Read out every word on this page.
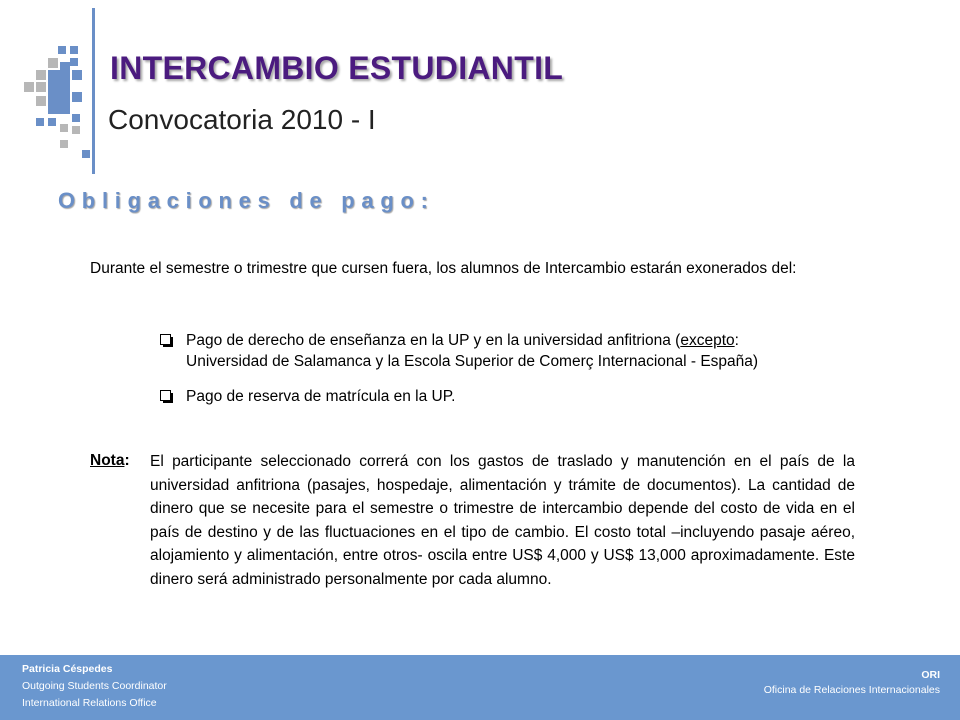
INTERCAMBIO ESTUDIANTIL
Convocatoria 2010 - I
Obligaciones de pago:

Durante el semestre o trimestre que cursen fuera, los alumnos de Intercambio estarán exonerados del:

Pago de derecho de enseñanza en la UP y en la universidad anfitriona (excepto: Universidad de Salamanca y la Escola Superior de Comerç Internacional - España)
Pago de reserva de matrícula en la UP.

Nota: El participante seleccionado correrá con los gastos de traslado y manutención en el país de la universidad anfitriona (pasajes, hospedaje, alimentación y trámite de documentos). La cantidad de dinero que se necesite para el semestre o trimestre de intercambio depende del costo de vida en el país de destino y de las fluctuaciones en el tipo de cambio. El costo total –incluyendo pasaje aéreo, alojamiento y alimentación, entre otros- oscila entre US$ 4,000 y US$ 13,000 aproximadamente. Este dinero será administrado personalmente por cada alumno.

Patricia Céspedes
Outgoing Students Coordinator
International Relations Office
ORI
Oficina de Relaciones Internacionales
